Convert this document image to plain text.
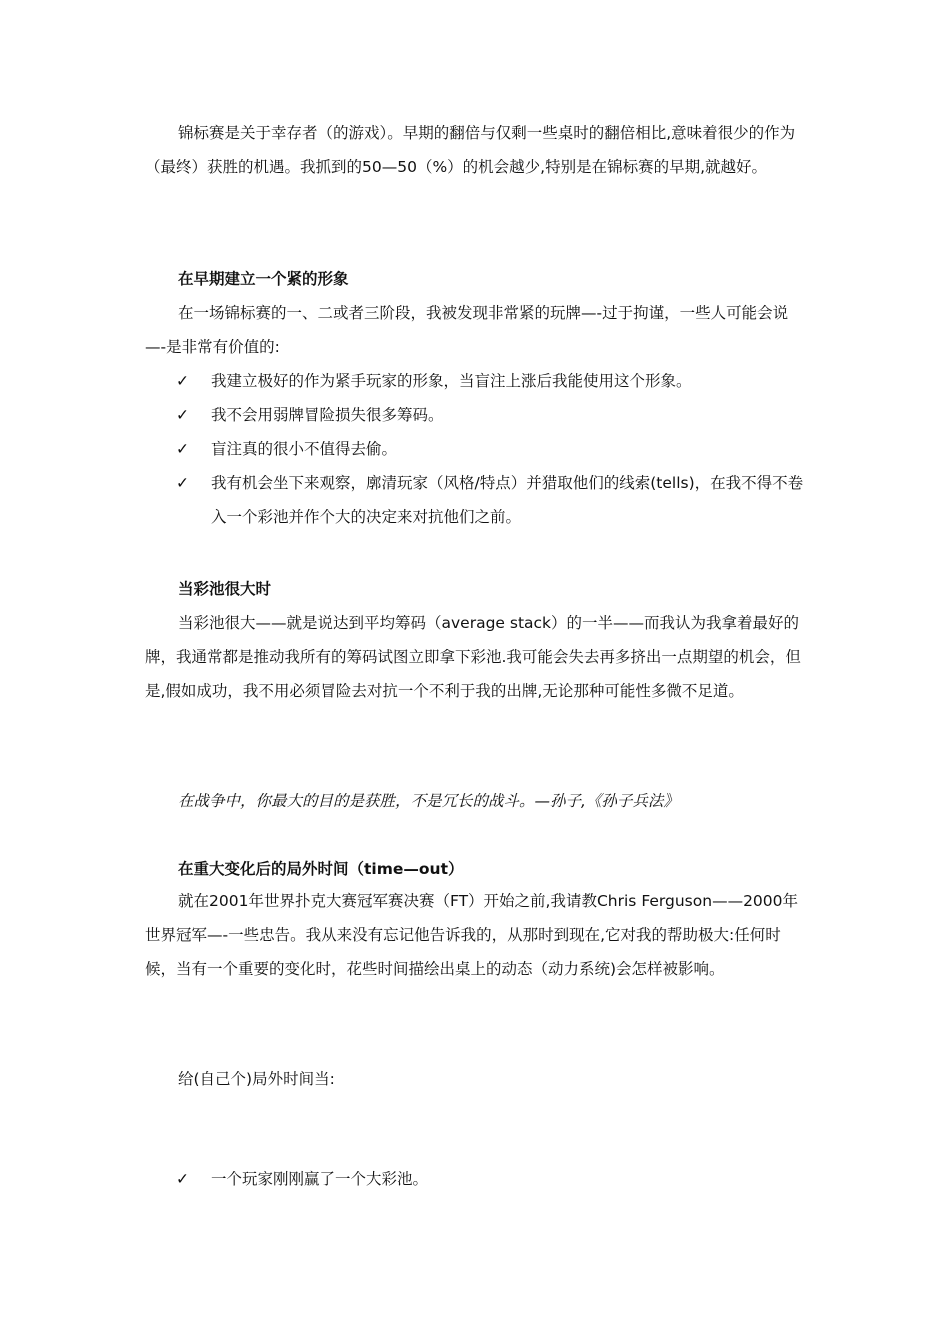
锦标赛是关于幸存者（的游戏）。早期的翻倍与仅剩一些桌时的翻倍相比,意味着很少的作为（最终）获胜的机遇。我抓到的50—50（%）的机会越少,特别是在锦标赛的早期,就越好。

在早期建立一个紧的形象

在一场锦标赛的一、二或者三阶段，我被发现非常紧的玩牌—-过于拘谨，一些人可能会说—-是非常有价值的:

✓	我建立极好的作为紧手玩家的形象，当盲注上涨后我能使用这个形象。
✓	我不会用弱牌冒险损失很多筹码。
✓	盲注真的很小不值得去偷。
✓	我有机会坐下来观察，廓清玩家（风格/特点）并猎取他们的线索(tells)，在我不得不卷入一个彩池并作个大的决定来对抗他们之前。

当彩池很大时

当彩池很大——就是说达到平均筹码（average stack）的一半——而我认为我拿着最好的牌，我通常都是推动我所有的筹码试图立即拿下彩池.我可能会失去再多挤出一点期望的机会，但是,假如成功，我不用必须冒险去对抗一个不利于我的出牌,无论那种可能性多微不足道。

在战争中，你最大的目的是获胜，不是冗长的战斗。—孙子,《孙子兵法》

在重大变化后的局外时间（time—out）

就在2001年世界扑克大赛冠军赛决赛（FT）开始之前,我请教Chris Ferguson——2000年世界冠军—-一些忠告。我从来没有忘记他告诉我的，从那时到现在,它对我的帮助极大:任何时候，当有一个重要的变化时，花些时间描绘出桌上的动态（动力系统)会怎样被影响。

给(自己个)局外时间当:

✓	一个玩家刚刚赢了一个大彩池。
